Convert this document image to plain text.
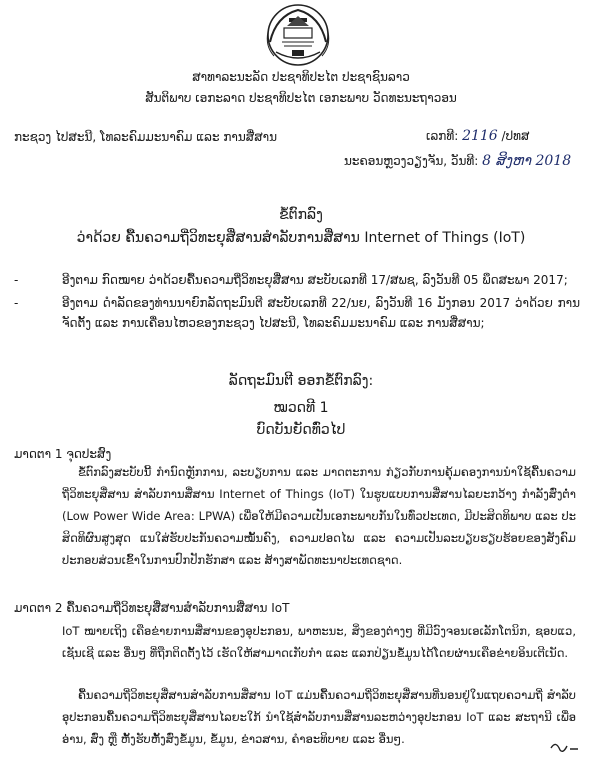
ສາທາລະນະລັດ ປະຊາທິປະໄຕ ປະຊາຊົນລາວ
ສັນຕິພາບ ເອກະລາດ ປະຊາທິປະໄຕ ເອກະພາບ ວັດທະນະຖາວອນ
ກະຊວງ ໄປສະນີ, ໂທລະຄົມມະນາຄົມ ແລະ ການສື່ສານ	ເລກທີ: 2116 /ປທສ
ນະຄອນຫຼວງວຽງຈັນ, ວັນທີ: 8 ສິງຫາ 2018
ຂໍ້ຕົກລົງ
ວ່າດ້ວຍ ຄື້ນຄວາມຖີ່ວິທະຍຸສື່ສານສຳລັບການສື່ສານ Internet of Things (IoT)
-	ອີງຕາມ ກົດໝາຍ ວ່າດ້ວຍຄື້ນຄວາມຖີ່ວິທະຍຸສື່ສານ ສະບັບເລກທີ 17/ສພຊ, ລົງວັນທີ 05 ພຶດສະພາ 2017;
-	ອີງຕາມ ດຳລັດຂອງທ່ານນາຍົກລັດຖະມົນຕີ ສະບັບເລກທີ 22/ນຍ, ລົງວັນທີ 16 ມັງກອນ 2017 ວ່າດ້ວຍ ການຈັດຕັ້ງ ແລະ ການເຄື່ອນໄຫວຂອງກະຊວງ ໄປສະນີ, ໂທລະຄົມມະນາຄົມ ແລະ ການສື່ສານ;
ລັດຖະມົນຕີ ອອກຂໍ້ຕົກລົງ:
ໝວດທີ 1
ບົດບັນຍັດທົ່ວໄປ
ມາດຕາ 1 ຈຸດປະສົງ
ຂໍ້ຕົກລົງສະບັບນີ້ ກຳນົດຫຼັກການ, ລະບຽບການ ແລະ ມາດຕະການ ກ່ຽວກັບການຄຸ້ມຄອງການນຳໃຊ້ຄື້ນຄວາມຖີ່ວິທະຍຸສື່ສານ ສຳລັບການສື່ສານ Internet of Things (IoT) ໃນຮູບແບບການສື່ສານໄລຍະກວ້າງ ກຳລັງສົ່ງຕ່ຳ (Low Power Wide Area: LPWA) ເພື່ອໃຫ້ມີຄວາມເປັນເອກະພາບກັນໃນທົ່ວປະເທດ, ມີປະສິດທິພາບ ແລະ ປະສິດທິຜົນສູງສຸດ ແນໃສ່ຮັບປະກັນຄວາມໝັ້ນຄົງ, ຄວາມປອດໄພ ແລະ ຄວາມເປັນລະບຽບຮຽບຮ້ອຍຂອງສັງຄົມ ປະກອບສ່ວນເຂົ້າໃນການປົກປັກຮັກສາ ແລະ ສ້າງສາພັດທະນາປະເທດຊາດ.
ມາດຕາ 2 ຄື້ນຄວາມຖີ່ວິທະຍຸສື່ສານສຳລັບການສື່ສານ IoT
IoT ໝາຍເຖິງ ເຄືອຂ່າຍການສື່ສານຂອງອຸປະກອນ, ພາຫະນະ, ສິ່ງຂອງຕ່າງໆ ທີ່ມີວົງຈອນເອເລັກໂຕນິກ, ຊອບແວ, ເຊັນເຊີ ແລະ ອື່ນໆ ທີ່ຖືກຕິດຕັ້ງໄວ້ ເຮັດໃຫ້ສາມາດເກັບກຳ ແລະ ແລກປ່ຽນຂໍ້ມູນໄດ້ໂດຍຜ່ານເຄືອຂ່າຍອິນເຕີເນັດ.
ຄື້ນຄວາມຖີ່ວິທະຍຸສື່ສານສຳລັບການສື່ສານ IoT ແມ່ນຄື້ນຄວາມຖີ່ວິທະຍຸສື່ສານທີ່ນອນຢູ່ໃນແຖບຄວາມຖີ່ ສຳລັບອຸປະກອນຄື້ນຄວາມຖີ່ວິທະຍຸສື່ສານໄລຍະໃກ້ ນຳໃຊ້ສຳລັບການສື່ສານລະຫວ່າງອຸປະກອນ IoT ແລະ ສະຖານີ ເພື່ອອ່ານ, ສົ່ງ ຫຼື ຫັ້ງຮັບຫັ້ງສົ່ງຂໍ້ມູນ, ຂໍ້ມູນ, ຂ່າວສານ, ຄຳອະທິບາຍ ແລະ ອື່ນໆ.
